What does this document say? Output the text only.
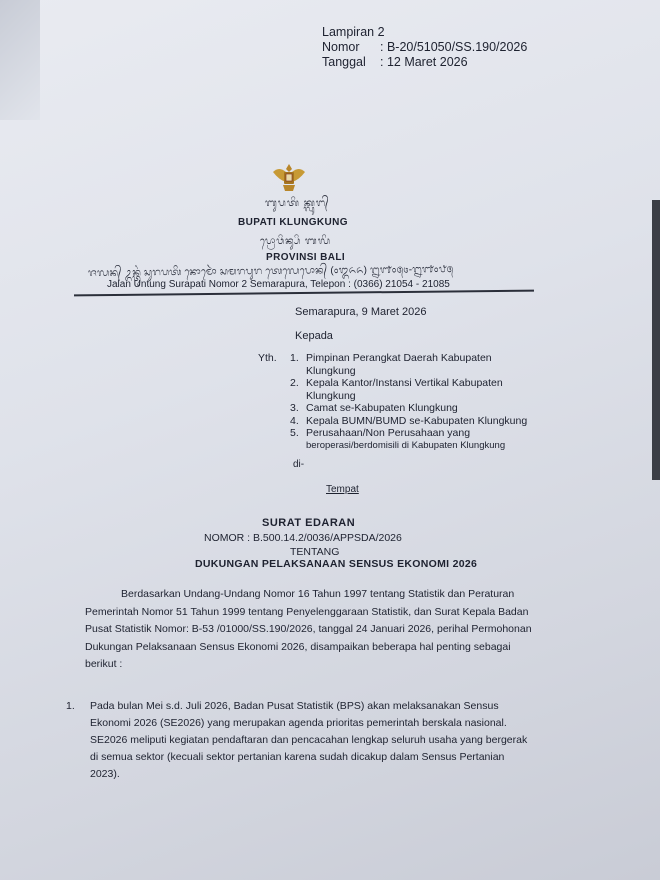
Lampiran 2
Nomor	: B-20/51050/SS.190/2026
Tanggal	: 12 Maret 2026
ᬩᬸᬧᬢᬶ ᬓ᭄ᬮᬸᬗ᭄
BUPATI KLUNGKUNG
ᬧ᭄ᬭᭀᬯᬶᬦ᭄ᬲᬶ ᬩᬮᬶ
PROVINSI BALI
ᬚᬮᬦ᭄ ᬉᬦ᭄ᬢᬸᬂ ᬲᬸᬭᬧᬢᬶ ᬦᭀᬫᭀᬃ ᬲᬫᬭᬧᬸᬭ ᬢᬾᬮᬾᬧᭀᬦ᭄ (᭐᭓᭖᭖) ᭒᭑᭐᭕᭔-᭒᭑᭐᭘᭕
Jalan Untung Surapati Nomor 2 Semarapura, Telepon : (0366) 21054 - 21085
Semarapura, 9 Maret 2026
Kepada
Yth. 1. Pimpinan Perangkat Daerah Kabupaten
Klungkung
2. Kepala Kantor/Instansi Vertikal Kabupaten
Klungkung
3. Camat se-Kabupaten Klungkung
4. Kepala BUMN/BUMD se-Kabupaten Klungkung
5. Perusahaan/Non Perusahaan yang
beroperasi/berdomisili di Kabupaten Klungkung
di-
Tempat
SURAT EDARAN
NOMOR : B.500.14.2/0036/APPSDA/2026
TENTANG
DUKUNGAN PELAKSANAAN SENSUS EKONOMI 2026
Berdasarkan Undang-Undang Nomor 16 Tahun 1997 tentang Statistik dan Peraturan
Pemerintah Nomor 51 Tahun 1999 tentang Penyelenggaraan Statistik, dan Surat Kepala Badan
Pusat Statistik Nomor: B-53 /01000/SS.190/2026, tanggal 24 Januari 2026, perihal Permohonan
Dukungan Pelaksanaan Sensus Ekonomi 2026, disampaikan beberapa hal penting sebagai
berikut :
1. Pada bulan Mei s.d. Juli 2026, Badan Pusat Statistik (BPS) akan melaksanakan Sensus
Ekonomi 2026 (SE2026) yang merupakan agenda prioritas pemerintah berskala nasional.
SE2026 meliputi kegiatan pendaftaran dan pencacahan lengkap seluruh usaha yang bergerak
di semua sektor (kecuali sektor pertanian karena sudah dicakup dalam Sensus Pertanian
2023).
